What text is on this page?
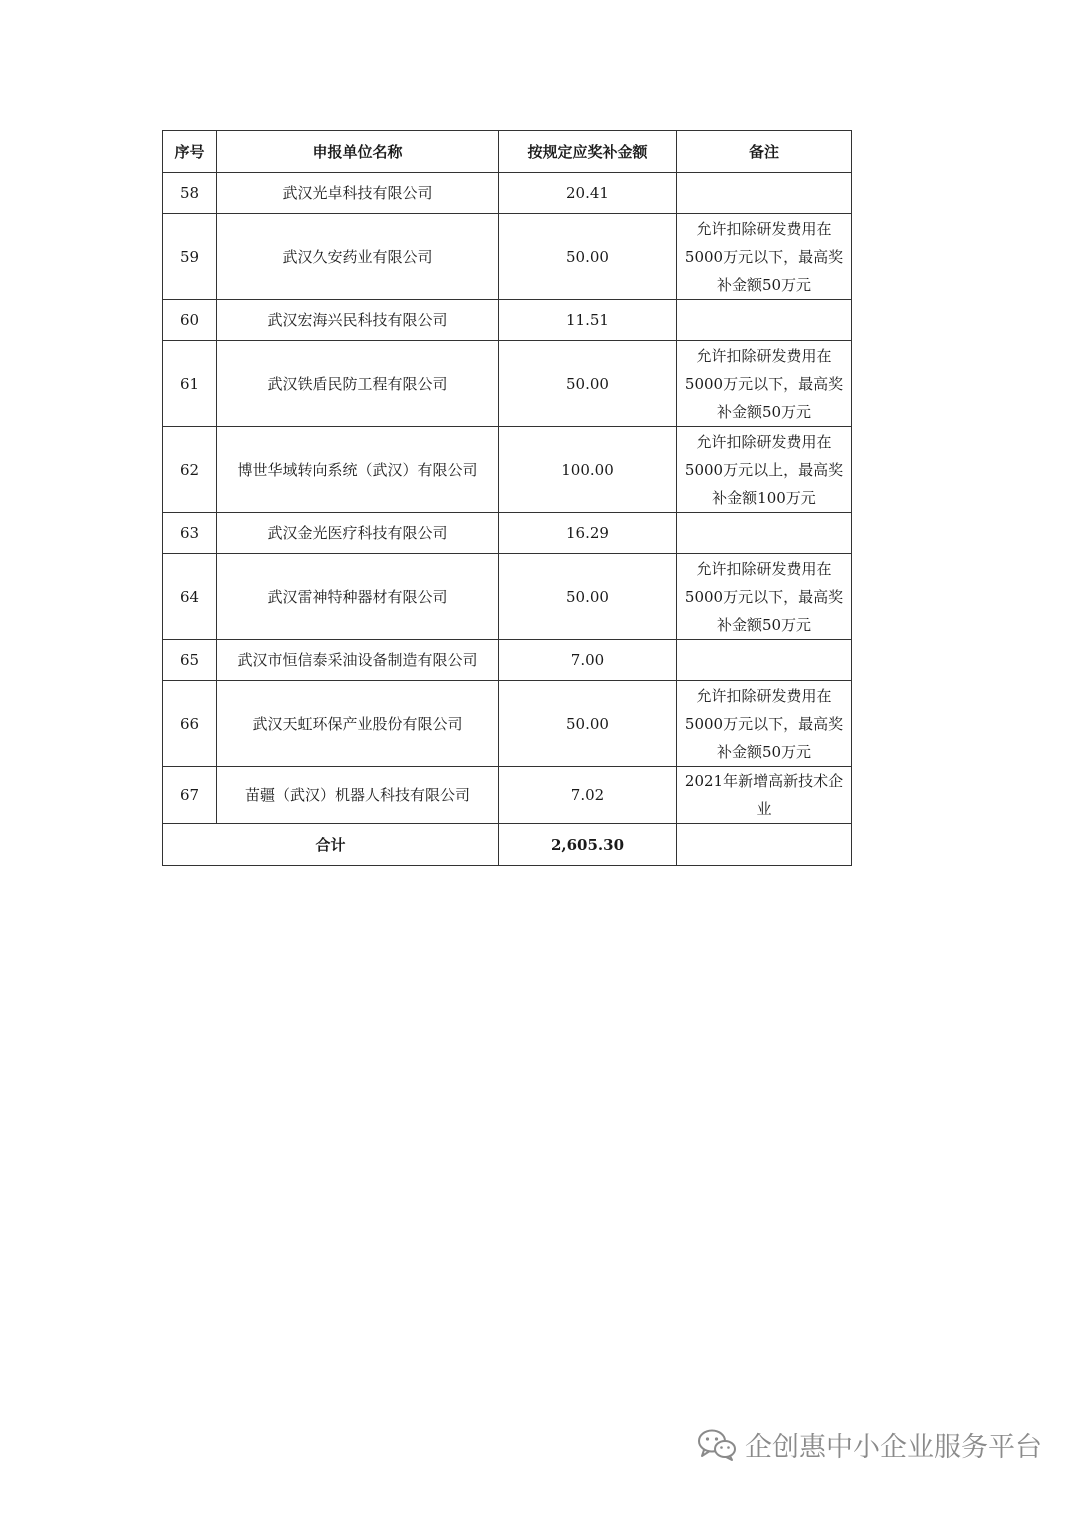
序号	申报单位名称	按规定应奖补金额	备注
58	武汉光卓科技有限公司	20.41	
59	武汉久安药业有限公司	50.00	允许扣除研发费用在5000万元以下，最高奖补金额50万元
60	武汉宏海兴民科技有限公司	11.51	
61	武汉铁盾民防工程有限公司	50.00	允许扣除研发费用在5000万元以下，最高奖补金额50万元
62	博世华域转向系统（武汉）有限公司	100.00	允许扣除研发费用在5000万元以上，最高奖补金额100万元
63	武汉金光医疗科技有限公司	16.29	
64	武汉雷神特种器材有限公司	50.00	允许扣除研发费用在5000万元以下，最高奖补金额50万元
65	武汉市恒信泰采油设备制造有限公司	7.00	
66	武汉天虹环保产业股份有限公司	50.00	允许扣除研发费用在5000万元以下，最高奖补金额50万元
67	苗疆（武汉）机器人科技有限公司	7.02	2021年新增高新技术企业
合计		2,605.30	
企创惠中小企业服务平台
